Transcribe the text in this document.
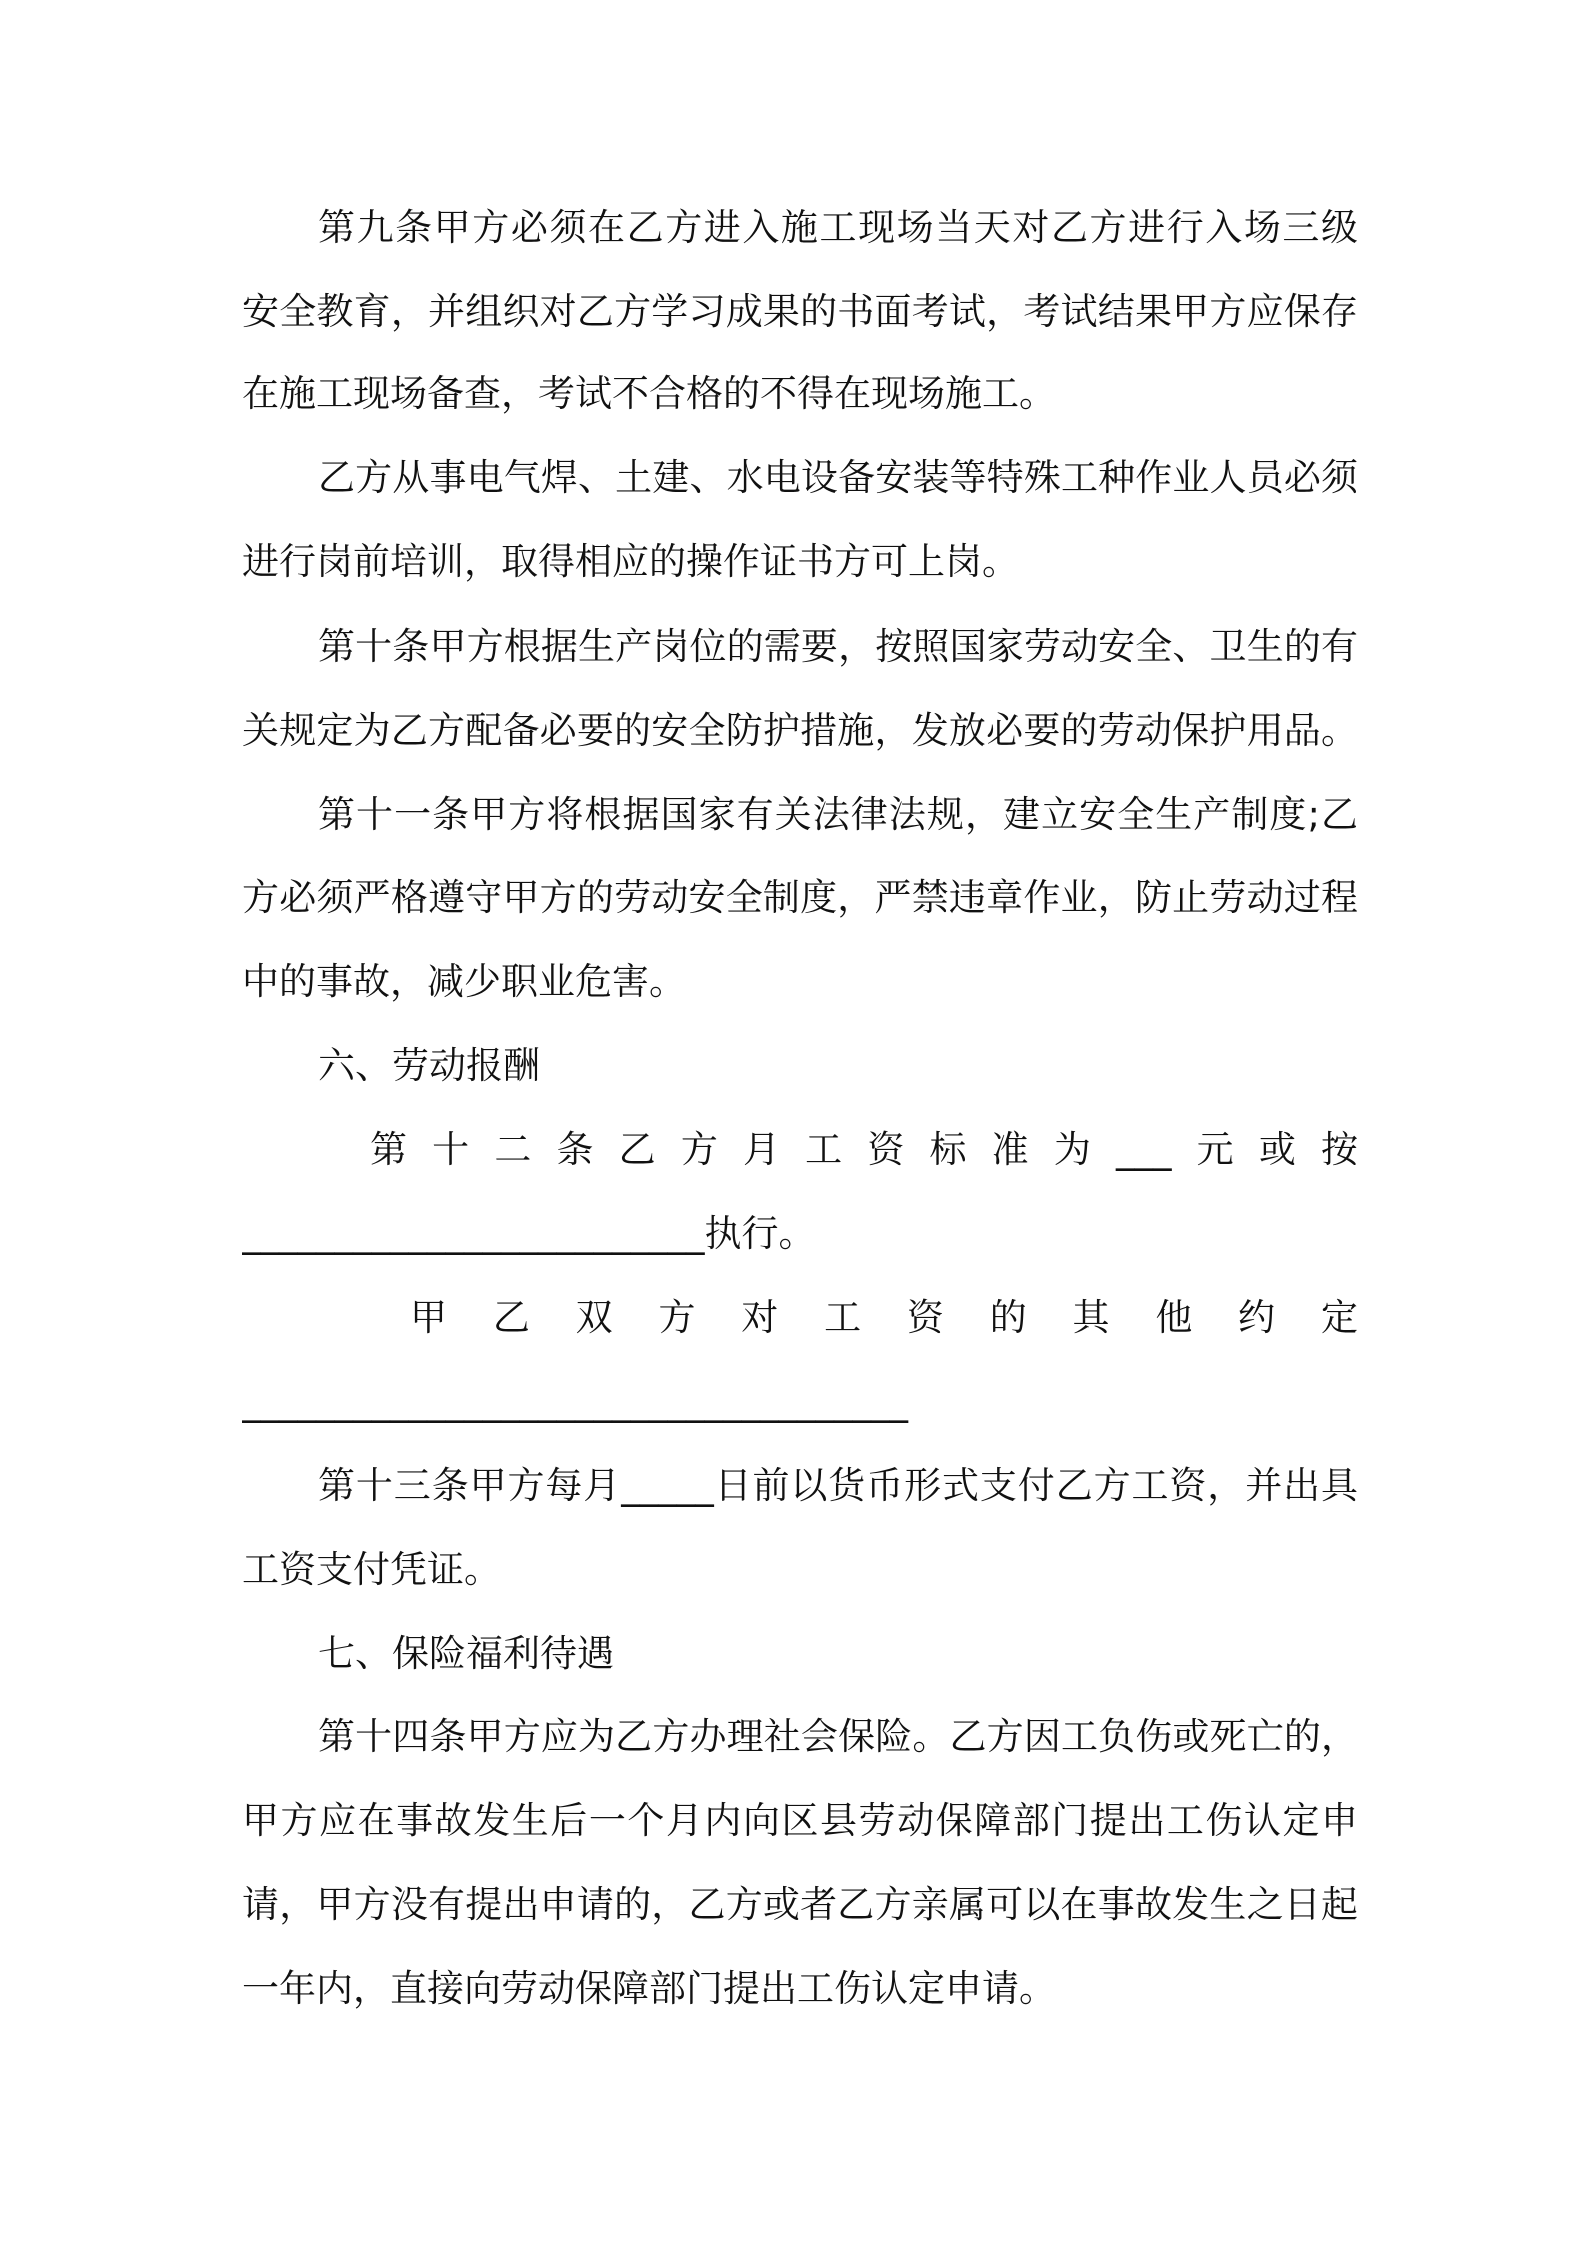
第九条甲方必须在乙方进入施工现场当天对乙方进行入场三级
安全教育，并组织对乙方学习成果的书面考试，考试结果甲方应保存
在施工现场备查，考试不合格的不得在现场施工。
乙方从事电气焊、土建、水电设备安装等特殊工种作业人员必须
进行岗前培训，取得相应的操作证书方可上岗。
第十条甲方根据生产岗位的需要，按照国家劳动安全、卫生的有
关规定为乙方配备必要的安全防护措施，发放必要的劳动保护用品。
第十一条甲方将根据国家有关法律法规，建立安全生产制度;乙
方必须严格遵守甲方的劳动安全制度，严禁违章作业，防止劳动过程
中的事故，减少职业危害。
六、劳动报酬
第十二条乙方月工资标准为___元或按
_________________________执行。
甲乙双方对工资的其他约定
____________________________________
第十三条甲方每月_____日前以货币形式支付乙方工资，并出具
工资支付凭证。
七、保险福利待遇
第十四条甲方应为乙方办理社会保险。乙方因工负伤或死亡的，
甲方应在事故发生后一个月内向区县劳动保障部门提出工伤认定申
请，甲方没有提出申请的，乙方或者乙方亲属可以在事故发生之日起
一年内，直接向劳动保障部门提出工伤认定申请。
